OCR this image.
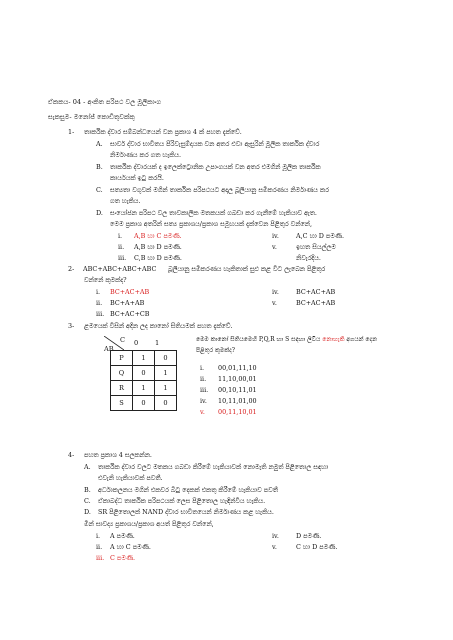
ඒකකය- 04 - අංකිත පරිපථ වල මූලිකාංග
සැකසුම- මනෝජ් කොඩිතුවක්කු
1- තාර්කික ද්වාර සම්බන්ධයෙන් වන ප්‍රකාශ 4 ක් පහත දැක්වේ.
A. සාර්ව ද්වාර භාවිතය පිරිවැසුම්දායක වන අතර එවා ඇසුරින් මූලික තාර්කික ද්වාර
නිර්මාණය කර ගත හැකිය.
B. තාර්කික ද්වාරයක් ද ඉලෙක්ට්‍රොනික උපාංගයක් වන අතර එමගින් මූලික තාර්කික
කාර්යයක් ඉටු කරයි.
C. සත්‍යතා වගුවක් මගින් තාර්කික පරිපථයට අදාල බූලියානු සමීකරණය නිර්මාණය කර
ගත හැකිය.
D. සංයෝජන පරිපථ වල තාවකාලික මතකයක් ගබඩා කර ගැනීමේ හැකියාව ඇත.
මෙම ප්‍රකාශ අතරින් සත්‍ය ප්‍රකාශය/ප්‍රකාශ සමූහයක් දැක්වෙන පිළිතුර වන්නේ,
i. A,B හා C පමණි.	iv.	A,C හා D පමණි.
ii. A,B හා D පමණි.	v.	ඉහත සියල්ලම
iii. C,B හා D පමණි.	නිවැරදිය.
2- ABC+ABC+ABC+ABC බූලියානු සමීකරණය හැකිතාක් සුළු කළ විට ලැබෙන පිළිතුර
වන්නේ කුමක්ද?
i. BC+AC+AB	iv.	BC+AC+AB
ii. BC+A+AB	v.	BC+AC+AB
iii. BC+AC+CB
3- ළමයෙක් විසින් අදින ලද කානෝ සිතියමක් පහත දැක්වේ.
C
AB
0	1
P	1	0
Q	0	1
R	1	1
S	0	0
මෙම කානෝ සිතියමෙහි P,Q,R හා S සඳහා ලිවිය නොහැකි අගයන් දෙන
පිළිතුර කුමක්ද?
i. 00,01,11,10
ii. 11,10,00,01
iii. 00,10,11,01
iv. 10,11,01,00
v. 00,11,10,01
4- පහත ප්‍රකාශ 4 සලකන්න.
A. තාර්කික ද්වාර වලට මතකය ගබඩා කිරීමේ හැකියාවක් නොමැති නමුත් පිළිතොල සඳහා
එවැනි හැකියාවක් පවතී.
B. අර්ධාකලනය මගින් එකවර බිටු දෙකක් එකතු කිරීමේ හැකියාව පවතී
C. ඒකාබද්ධ තාර්කික පරිපථයක් ලෙස පිළිතොල හැඳින්විය හැකිය.
D. SR පිළිතොලක් NAND ද්වාර භාවිතයෙන් නිර්මාණය කළ හැකිය.
මින් සාවද්‍ය ප්‍රකාශය/ප්‍රකාශ අයත් පිළිතුර වන්නේ,
i. A පමණි.	iv.	D පමණි.
ii. A හා C පමණි.	v.	C හා D පමණි.
iii. C පමණි.
